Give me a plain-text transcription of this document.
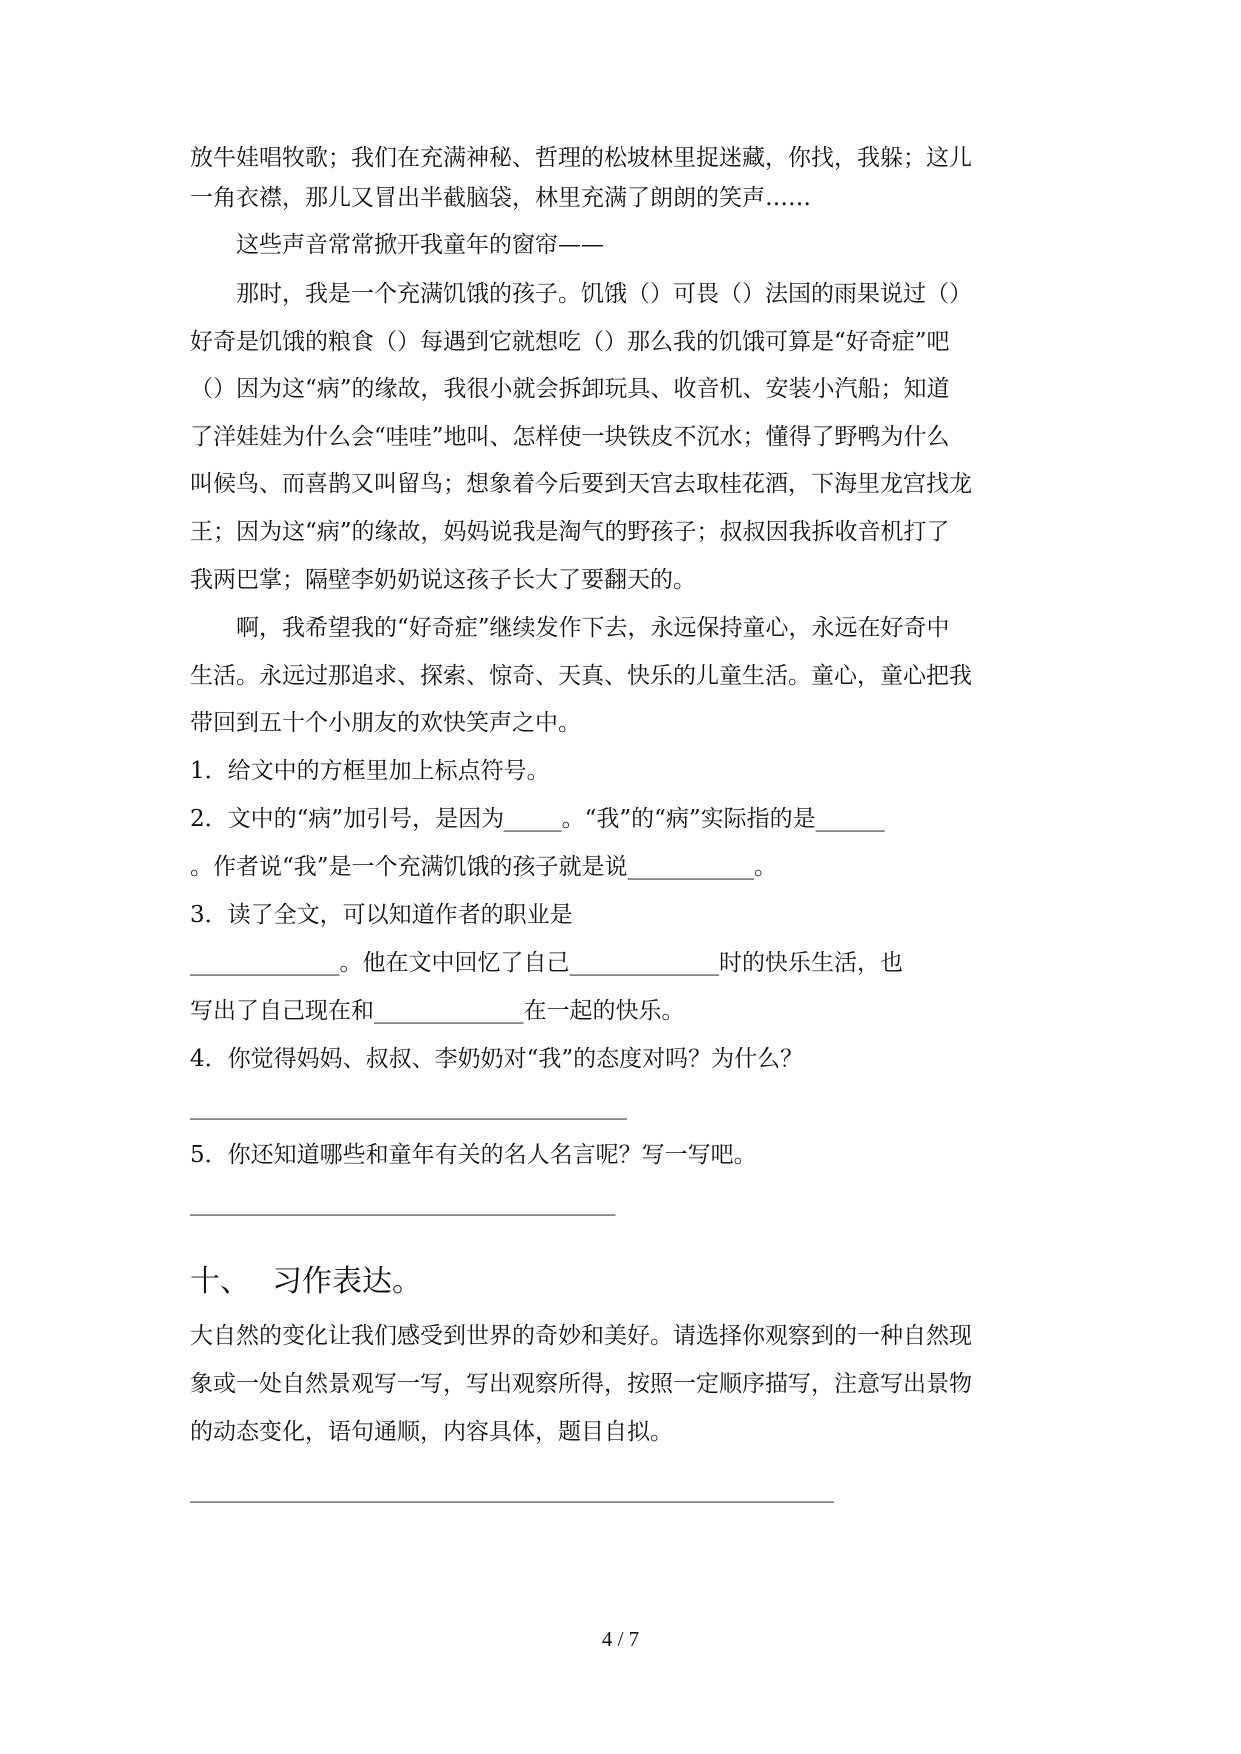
放牛娃唱牧歌；我们在充满神秘、哲理的松坡林里捉迷藏，你找，我躲；这儿
一角衣襟，那儿又冒出半截脑袋，林里充满了朗朗的笑声……
　　这些声音常常掀开我童年的窗帘——
　　那时，我是一个充满饥饿的孩子。饥饿（）可畏（）法国的雨果说过（）
好奇是饥饿的粮食（）每遇到它就想吃（）那么我的饥饿可算是“好奇症”吧
（）因为这“病”的缘故，我很小就会拆卸玩具、收音机、安装小汽船；知道
了洋娃娃为什么会“哇哇”地叫、怎样使一块铁皮不沉水；懂得了野鸭为什么
叫候鸟、而喜鹊又叫留鸟；想象着今后要到天宫去取桂花酒，下海里龙宫找龙
王；因为这“病”的缘故，妈妈说我是淘气的野孩子；叔叔因我拆收音机打了
我两巴掌；隔壁李奶奶说这孩子长大了要翻天的。
　　啊，我希望我的“好奇症”继续发作下去，永远保持童心，永远在好奇中
生活。永远过那追求、探索、惊奇、天真、快乐的儿童生活。童心，童心把我
带回到五十个小朋友的欢快笑声之中。
1．给文中的方框里加上标点符号。
2．文中的“病”加引号，是因为_____。“我”的“病”实际指的是______
。作者说“我”是一个充满饥饿的孩子就是说___________。
3．读了全文，可以知道作者的职业是
_____________。他在文中回忆了自己_____________时的快乐生活，也
写出了自己现在和_____________在一起的快乐。
4．你觉得妈妈、叔叔、李奶奶对“我”的态度对吗？为什么？
______________________________________
5．你还知道哪些和童年有关的名人名言呢？写一写吧。
_____________________________________
十、 习作表达。
大自然的变化让我们感受到世界的奇妙和美好。请选择你观察到的一种自然现
象或一处自然景观写一写，写出观察所得，按照一定顺序描写，注意写出景物
的动态变化，语句通顺，内容具体，题目自拟。
________________________________________________________
4 / 7
